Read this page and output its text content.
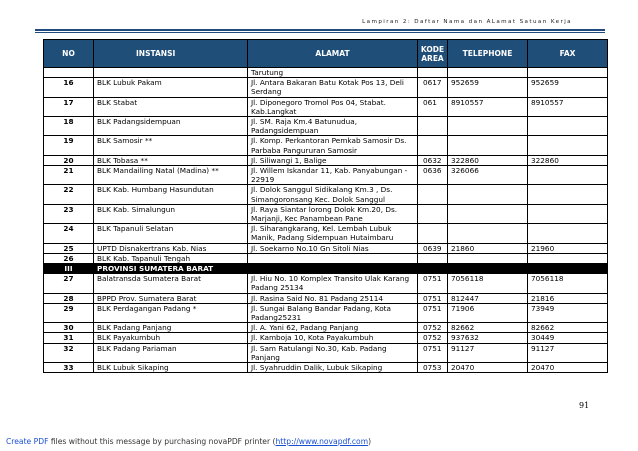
Lampiran 2: Daftar Nama dan ALamat Satuan Kerja
NO	INSTANSI	ALAMAT	KODE AREA	TELEPHONE	FAX
		Tarutung			
16	BLK Lubuk Pakam	Jl. Antara Bakaran Batu Kotak Pos 13, Deli Serdang	0617	952659	952659
17	BLK Stabat	Jl. Diponegoro Tromol Pos 04, Stabat. Kab.Langkat	061	8910557	8910557
18	BLK Padangsidempuan	Jl. SM. Raja Km.4 Batunudua, Padangsidempuan			
19	BLK Samosir **	Jl. Komp. Perkantoran Pemkab Samosir Ds. Parbaba Pangururan Samosir			
20	BLK Tobasa **	Jl. Siliwangi 1, Balige	0632	322860	322860
21	BLK Mandailing Natal (Madina) **	Jl. Willem Iskandar 11, Kab. Panyabungan - 22919	0636	326066	
22	BLK Kab. Humbang Hasundutan	Jl. Dolok Sanggul Sidikalang Km.3 , Ds. Simangoronsang Kec. Dolok Sanggul			
23	BLK Kab. Simalungun	Jl. Raya Siantar lorong Dolok Km.20, Ds. Marjanji, Kec Panambean Pane			
24	BLK Tapanuli Selatan	Jl. Siharangkarang, Kel. Lembah Lubuk Manik, Padang Sidempuan Hutaimbaru			
25	UPTD Disnakertrans Kab. Nias	Jl. Soekarno No.10 Gn Sitoli Nias	0639	21860	21960
26	BLK Kab. Tapanuli Tengah				
III	PROVINSI SUMATERA BARAT				
27	Balatransda Sumatera Barat	Jl. Hiu No. 10 Komplex Transito Ulak Karang Padang 25134	0751	7056118	7056118
28	BPPD Prov. Sumatera Barat	Jl. Rasina Said No. 81 Padang 25114	0751	812447	21816
29	BLK Perdagangan Padang *	Jl. Sungai Balang Bandar Padang, Kota Padang25231	0751	71906	73949
30	BLK Padang Panjang	Jl. A. Yani 62, Padang Panjang	0752	82662	82662
31	BLK Payakumbuh	Jl. Kamboja 10, Kota Payakumbuh	0752	937632	30449
32	BLK Padang Pariaman	Jl. Sam Ratulangi No.30, Kab. Padang Panjang	0751	91127	91127
33	BLK Lubuk Sikaping	Jl. Syahruddin Dalik, Lubuk Sikaping	0753	20470	20470
91
Create PDF files without this message by purchasing novaPDF printer (http://www.novapdf.com)
